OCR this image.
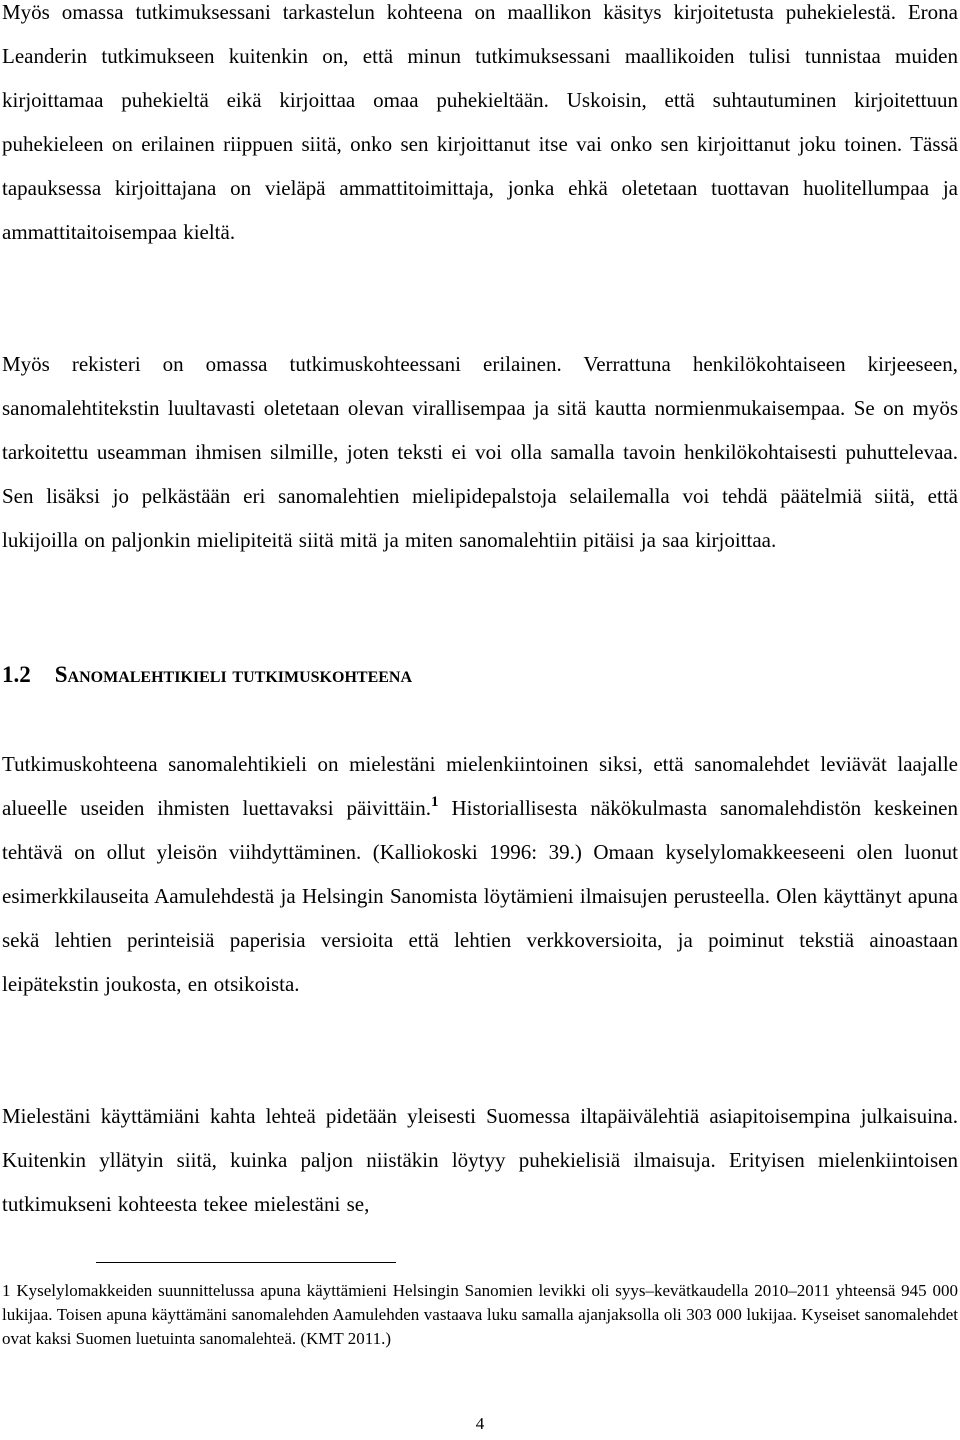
Myös omassa tutkimuksessani tarkastelun kohteena on maallikon käsitys kirjoitetusta puhekielestä. Erona Leanderin tutkimukseen kuitenkin on, että minun tutkimuksessani maallikoiden tulisi tunnistaa muiden kirjoittamaa puhekieltä eikä kirjoittaa omaa puhekieltään. Uskoisin, että suhtautuminen kirjoitettuun puhekieleen on erilainen riippuen siitä, onko sen kirjoittanut itse vai onko sen kirjoittanut joku toinen. Tässä tapauksessa kirjoittajana on vieläpä ammattitoimittaja, jonka ehkä oletetaan tuottavan huolitellumpaa ja ammattitaitoisempaa kieltä.

Myös rekisteri on omassa tutkimuskohteessani erilainen. Verrattuna henkilökohtaiseen kirjeeseen, sanomalehtitekstin luultavasti oletetaan olevan virallisempaa ja sitä kautta normienmukaisempaa. Se on myös tarkoitettu useamman ihmisen silmille, joten teksti ei voi olla samalla tavoin henkilökohtaisesti puhuttelevaa. Sen lisäksi jo pelkästään eri sanomalehtien mielipidepalstoja selailemalla voi tehdä päätelmiä siitä, että lukijoilla on paljonkin mielipiteitä siitä mitä ja miten sanomalehtiin pitäisi ja saa kirjoittaa.

1.2 Sanomalehtikieli tutkimuskohteena

Tutkimuskohteena sanomalehtikieli on mielestäni mielenkiintoinen siksi, että sanomalehdet leviävät laajalle alueelle useiden ihmisten luettavaksi päivittäin.$^1$ Historiallisesta näkökulmasta sanomalehdistön keskeinen tehtävä on ollut yleisön viihdyttäminen. (Kalliokoski 1996: 39.) Omaan kyselylomakkeeseeni olen luonut esimerkkilauseita Aamulehdestä ja Helsingin Sanomista löytämieni ilmaisujen perusteella. Olen käyttänyt apuna sekä lehtien perinteisiä paperisia versioita että lehtien verkkoversioita, ja poiminut tekstiä ainoastaan leipätekstin joukosta, en otsikoista.

Mielestäni käyttämiäni kahta lehteä pidetään yleisesti Suomessa iltapäivälehtiä asiapitoisempina julkaisuina. Kuitenkin yllätyin siitä, kuinka paljon niistäkin löytyy puhekielisiä ilmaisuja. Erityisen mielenkiintoisen tutkimukseni kohteesta tekee mielestäni se,

1 Kyselylomakkeiden suunnittelussa apuna käyttämieni Helsingin Sanomien levikki oli syys–kevätkaudella 2010–2011 yhteensä 945 000 lukijaa. Toisen apuna käyttämäni sanomalehden Aamulehden vastaava luku samalla ajanjaksolla oli 303 000 lukijaa. Kyseiset sanomalehdet ovat kaksi Suomen luetuinta sanomalehteä. (KMT 2011.)

4
